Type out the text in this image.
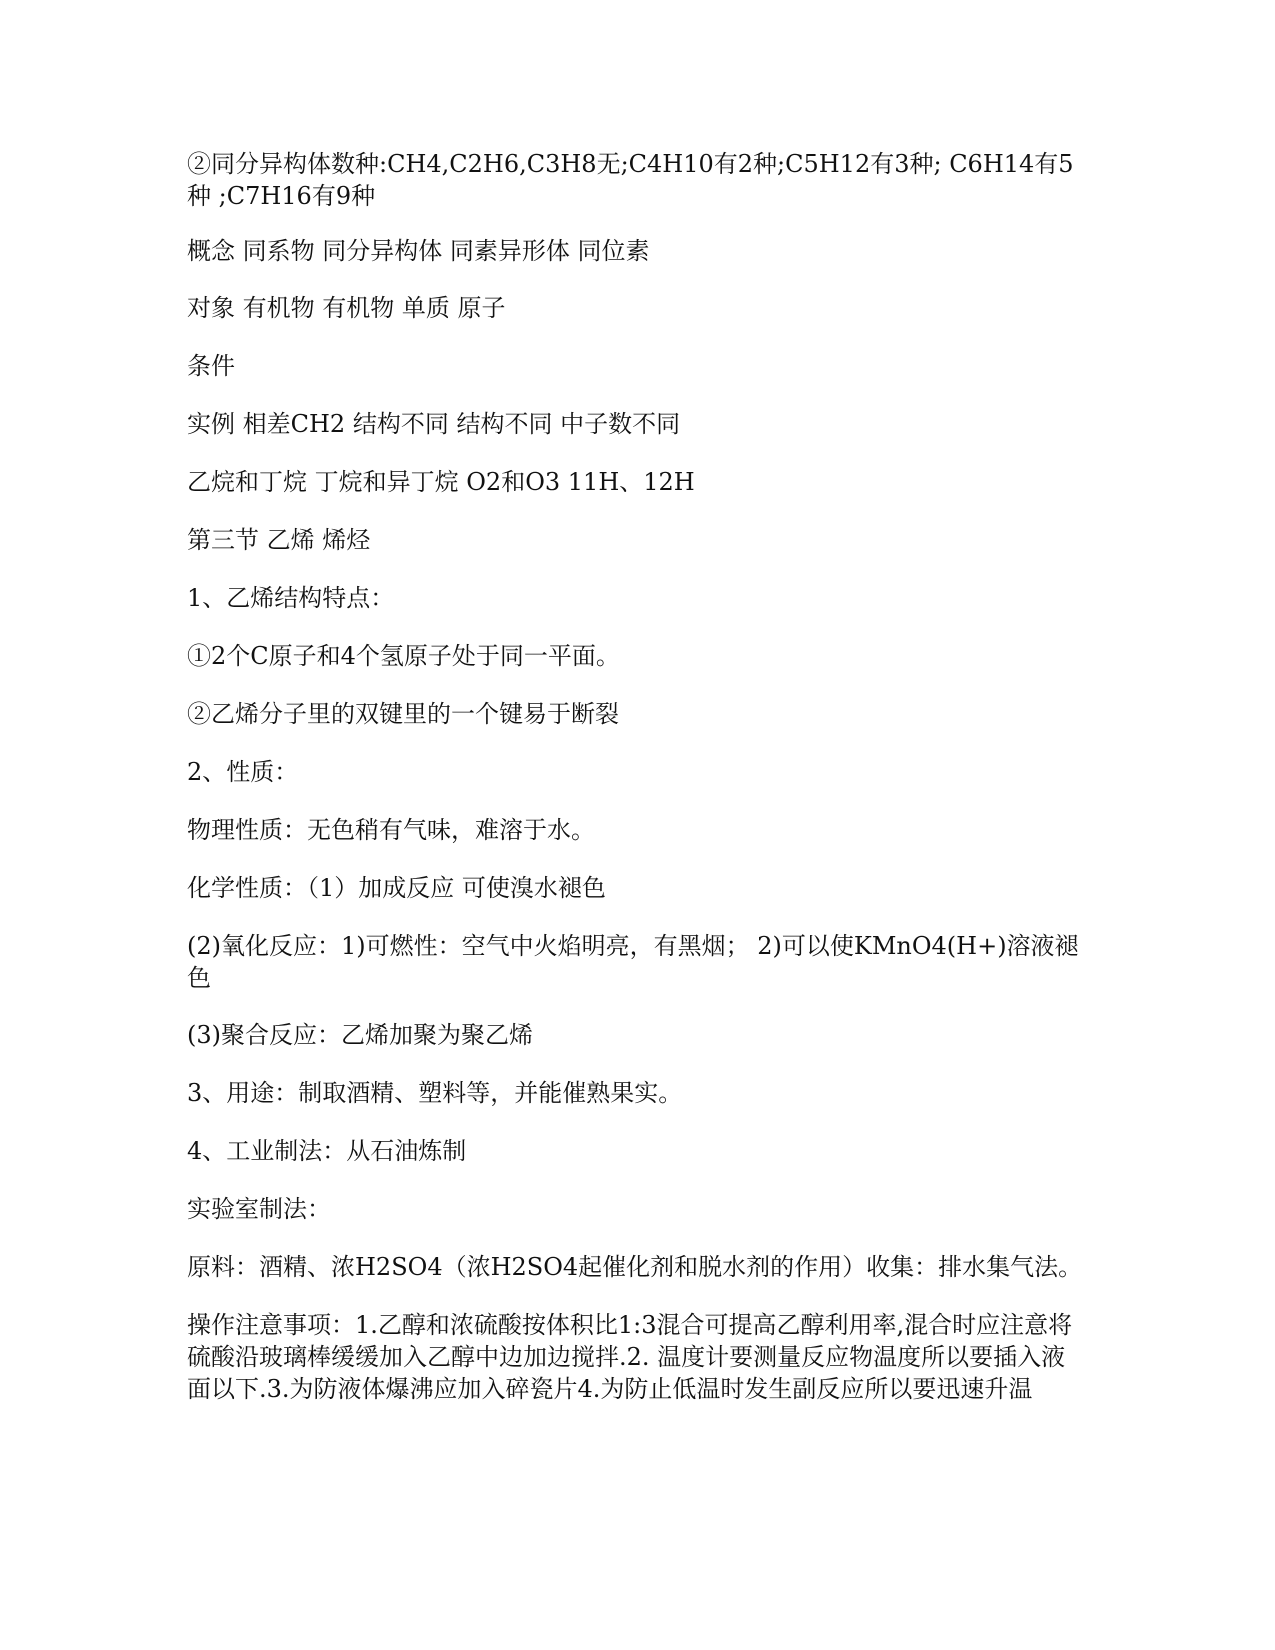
②同分异构体数种:CH4,C2H6,C3H8无;C4H10有2种;C5H12有3种; C6H14有5种 ;C7H16有9种

概念 同系物 同分异构体 同素异形体 同位素

对象 有机物 有机物 单质 原子

条件

实例 相差CH2 结构不同 结构不同 中子数不同

乙烷和丁烷 丁烷和异丁烷 O2和O3 11H、12H

第三节 乙烯 烯烃

1、乙烯结构特点：

①2个C原子和4个氢原子处于同一平面。

②乙烯分子里的双键里的一个键易于断裂

2、性质：

物理性质：无色稍有气味，难溶于水。

化学性质：（1）加成反应 可使溴水褪色

(2)氧化反应：1)可燃性：空气中火焰明亮，有黑烟； 2)可以使KMnO4(H+)溶液褪色

(3)聚合反应：乙烯加聚为聚乙烯

3、用途：制取酒精、塑料等，并能催熟果实。

4、工业制法：从石油炼制

实验室制法：

原料：酒精、浓H2SO4（浓H2SO4起催化剂和脱水剂的作用）收集：排水集气法。

操作注意事项：1.乙醇和浓硫酸按体积比1:3混合可提高乙醇利用率,混合时应注意将硫酸沿玻璃棒缓缓加入乙醇中边加边搅拌.2. 温度计要测量反应物温度所以要插入液面以下.3.为防液体爆沸应加入碎瓷片4.为防止低温时发生副反应所以要迅速升温
